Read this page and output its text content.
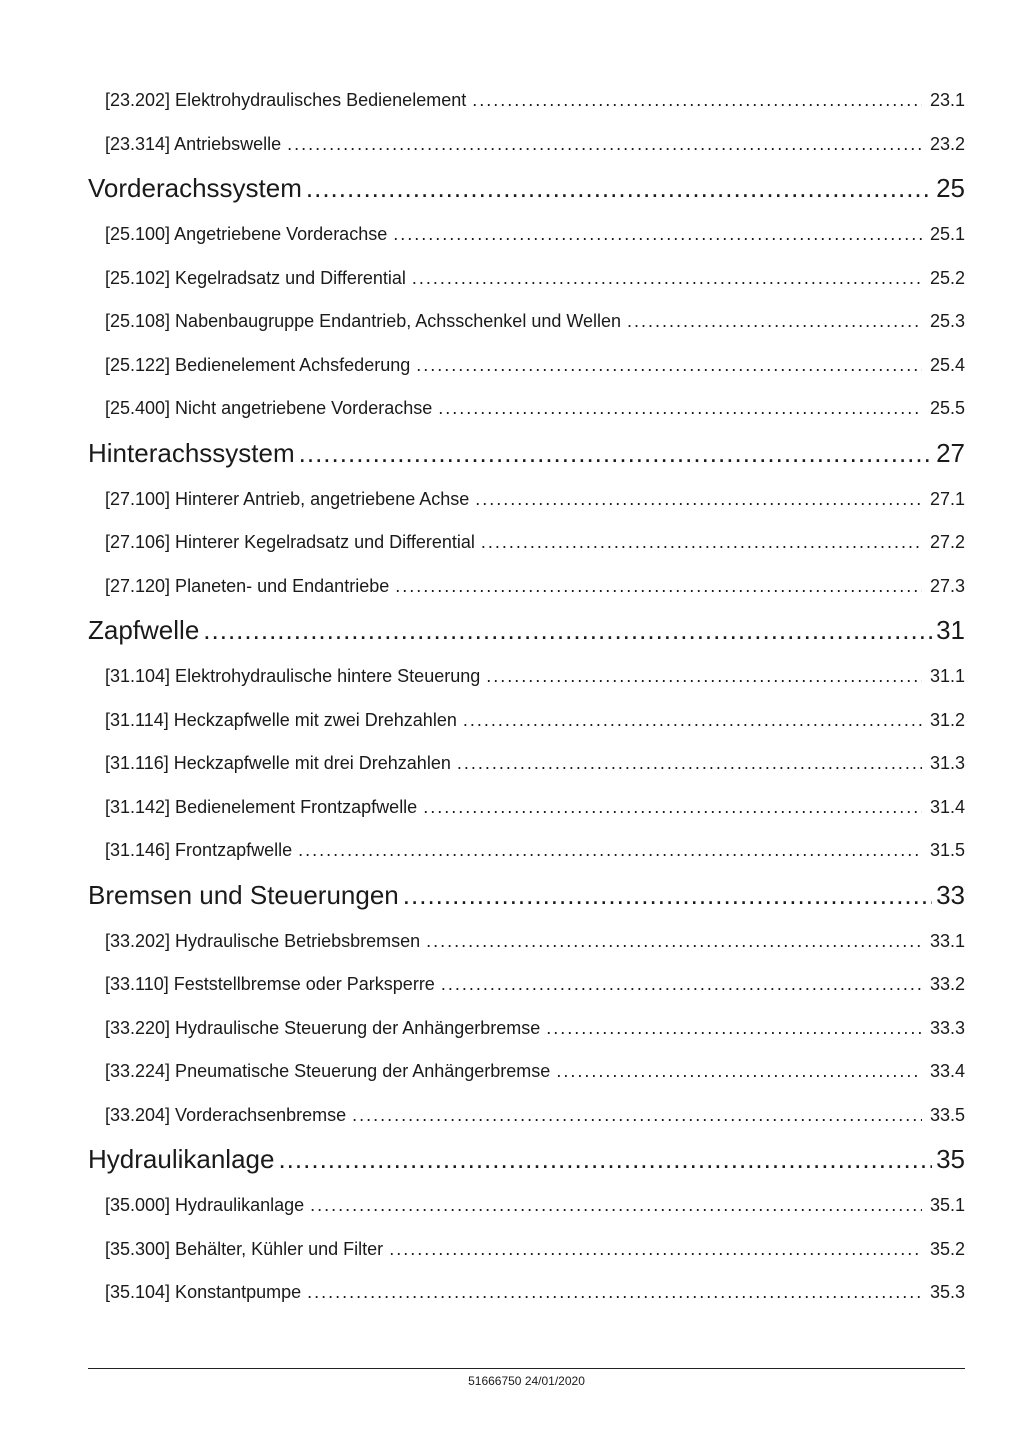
[23.202] Elektrohydraulisches Bedienelement .....	23.1
[23.314] Antriebswelle .....	23.2
Vorderachssystem .....	25
[25.100] Angetriebene Vorderachse .....	25.1
[25.102] Kegelradsatz und Differential .....	25.2
[25.108] Nabenbaugruppe Endantrieb, Achsschenkel und Wellen .....	25.3
[25.122] Bedienelement Achsfederung .....	25.4
[25.400] Nicht angetriebene Vorderachse .....	25.5
Hinterachssystem .....	27
[27.100] Hinterer Antrieb, angetriebene Achse .....	27.1
[27.106] Hinterer Kegelradsatz und Differential .....	27.2
[27.120] Planeten- und Endantriebe .....	27.3
Zapfwelle .....	31
[31.104] Elektrohydraulische hintere Steuerung .....	31.1
[31.114] Heckzapfwelle mit zwei Drehzahlen .....	31.2
[31.116] Heckzapfwelle mit drei Drehzahlen .....	31.3
[31.142] Bedienelement Frontzapfwelle .....	31.4
[31.146] Frontzapfwelle .....	31.5
Bremsen und Steuerungen .....	33
[33.202] Hydraulische Betriebsbremsen .....	33.1
[33.110] Feststellbremse oder Parksperre .....	33.2
[33.220] Hydraulische Steuerung der Anhängerbremse .....	33.3
[33.224] Pneumatische Steuerung der Anhängerbremse .....	33.4
[33.204] Vorderachsenbremse .....	33.5
Hydraulikanlage .....	35
[35.000] Hydraulikanlage .....	35.1
[35.300] Behälter, Kühler und Filter .....	35.2
[35.104] Konstantpumpe .....	35.3
51666750 24/01/2020
